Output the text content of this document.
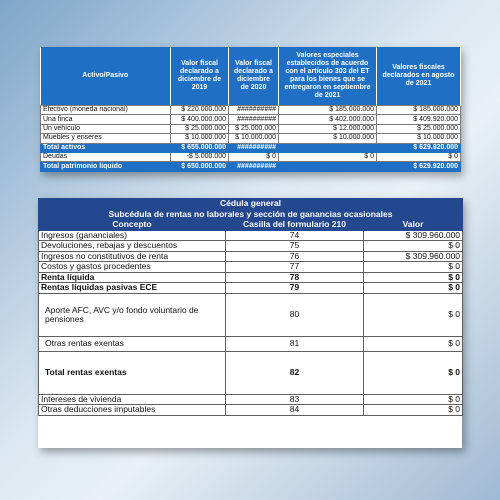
Activo/Pasivo	Valor fiscal declarado a diciembre de 2019	Valor fiscal declarado a diciembre de 2020	Valores especiales establecidos de acuerdo con el artículo 303 del ET para los bienes que se entregaron en septiembre de 2021	Valores fiscales declarados en agosto de 2021
Efectivo (moneda nacional)	$ 220.000.000	##########	$ 185.000.000	$ 185.000.000
Una finca	$ 400.000.000	##########	$ 402.000.000	$ 409.920.000
Un vehículo	$ 25.000.000	$ 25.000.000	$ 12.000.000	$ 25.000.000
Muebles y enseres	$ 10.000.000	$ 10.000.000	$ 10.000.000	$ 10.000.000
Total activos	$ 655.000.000	##########		$ 629.920.000
Deudas	-$ 5.000.000	$ 0	$ 0	$ 0
Total patrimonio líquido	$ 650.000.000	##########		$ 629.920.000
Cédula general		
Subcédula de rentas no laborales y sección de ganancias ocasionales		
Concepto	Casilla del formulario 210	Valor
Ingresos (gananciales)	74	$ 309.960.000
Devoluciones, rebajas y descuentos	75	$ 0
Ingresos no constitutivos de renta	76	$ 309.960.000
Costos y gastos procedentes	77	$ 0
Renta líquida	78	$ 0
Rentas líquidas pasivas ECE	79	$ 0
Aporte AFC, AVC y/o fondo voluntario de pensiones	80	$ 0
Otras rentas exentas	81	$ 0
Total rentas exentas	82	$ 0
Intereses de vivienda	83	$ 0
Otras deducciones imputables	84	$ 0
